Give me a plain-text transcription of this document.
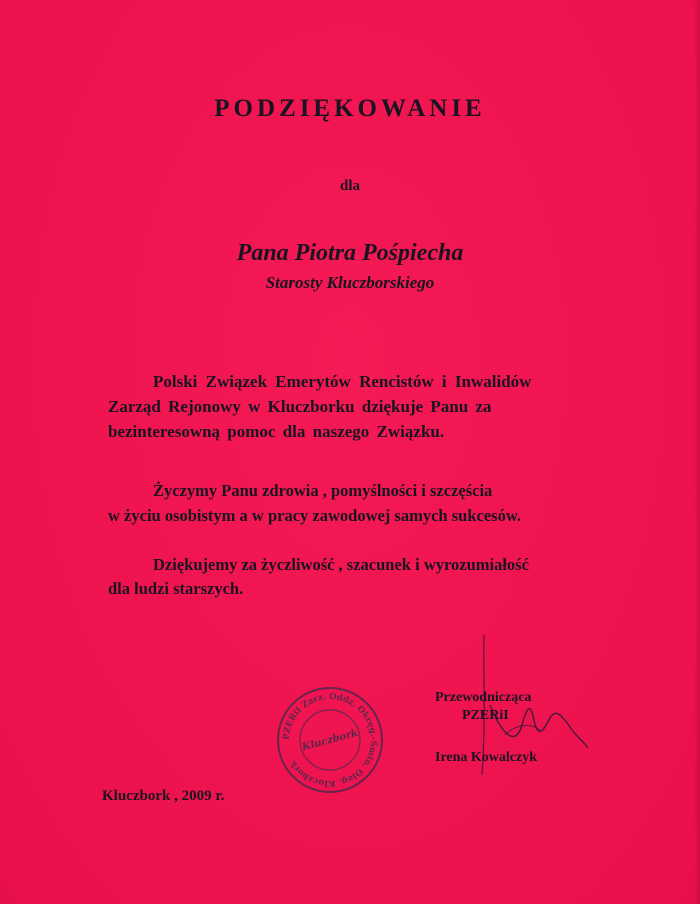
PODZIĘKOWANIE
dla
Pana Piotra Pośpiecha
Starosty Kluczborskiego
Polski Związek Emerytów Rencistów i Inwalidów
Zarząd Rejonowy w Kluczborku dziękuje Panu za
bezinteresowną pomoc dla naszego Związku.
Życzymy Panu zdrowia , pomyślności i szczęścia
w życiu osobistym a w pracy zawodowej samych sukcesów.
Dziękujemy za życzliwość , szacunek i wyrozumiałość
dla ludzi starszych.
PZERiI Zarz. Oddz. Okręg.-Śmin. Oleg. Kluczbork
Kluczbork
Przewodnicząca
PZERiI
Irena Kowalczyk
Kluczbork , 2009 r.
